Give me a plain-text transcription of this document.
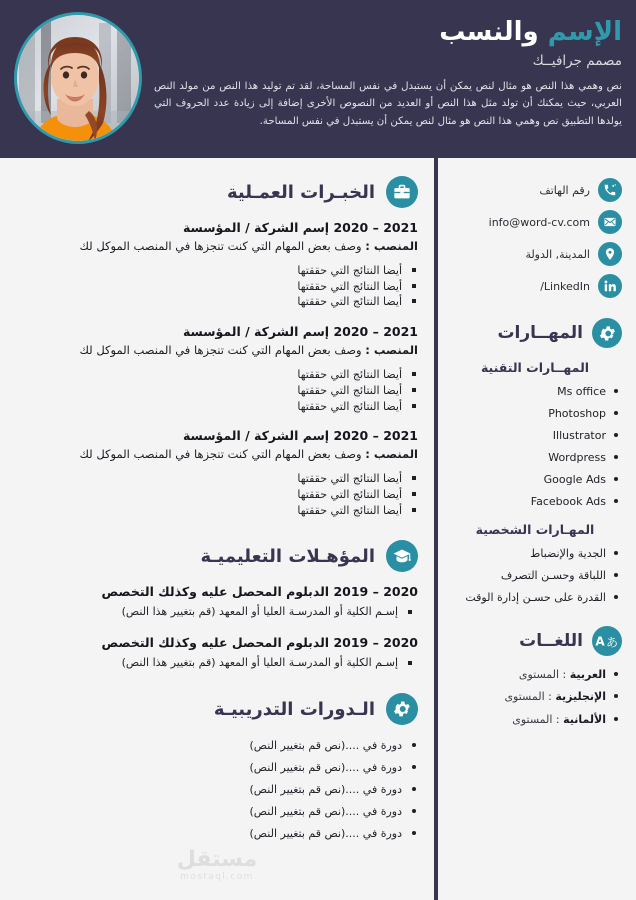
الإسم والنسب
مصمم جرافيــك
نص وهمي هذا النص هو مثال لنص يمكن أن يستبدل في نفس المساحة، لقد تم توليد هذا النص من مولد النص العربي، حيث يمكنك أن تولد مثل هذا النص أو العديد من النصوص الأخرى إضافة إلى زيادة عدد الحروف التي يولدها التطبيق نص وهمي هذا النص هو مثال لنص يمكن أن يستبدل في نفس المساحة.
رقم الهاتف
info@word-cv.com
المدينة, الدولة
/LinkedIn
المهــارات
المهــارات التقنية
Ms office
Photoshop
Illustrator
Wordpress
Google Ads
Facebook Ads
المهـارات الشخصية
الجدية والإنضباط
اللباقة وحسـن التصرف
القدرة على حسـن إدارة الوقت
A あ
اللغــات
العربية : المستوى
الإنجليزية : المستوى
الألمانية : المستوى
الخبـرات العمـلية
2021 – 2020 إسم الشركة / المؤسسة
المنصب : وصف بعض المهام التي كنت تنجزها في المنصب الموكل لك
أيضا النتائج التي حققتها
أيضا النتائج التي حققتها
أيضا النتائج التي حققتها
2021 – 2020 إسم الشركة / المؤسسة
المنصب : وصف بعض المهام التي كنت تنجزها في المنصب الموكل لك
أيضا النتائج التي حققتها
أيضا النتائج التي حققتها
أيضا النتائج التي حققتها
2021 – 2020 إسم الشركة / المؤسسة
المنصب : وصف بعض المهام التي كنت تنجزها في المنصب الموكل لك
أيضا النتائج التي حققتها
أيضا النتائج التي حققتها
أيضا النتائج التي حققتها
المؤهـلات التعليميـة
2020 – 2019 الدبلوم المحصل عليه وكذلك التخصص
إسـم الكلية أو المدرسـة العليا أو المعهد (قم بتغيير هذا النص)
2020 – 2019 الدبلوم المحصل عليه وكذلك التخصص
إسـم الكلية أو المدرسـة العليا أو المعهد (قم بتغيير هذا النص)
الـدورات التدريبيـة
دورة في ....(نص قم بتغيير النص)
دورة في ....(نص قم بتغيير النص)
دورة في ....(نص قم بتغيير النص)
دورة في ....(نص قم بتغيير النص)
دورة في ....(نص قم بتغيير النص)
مستقل
mostaql.com
